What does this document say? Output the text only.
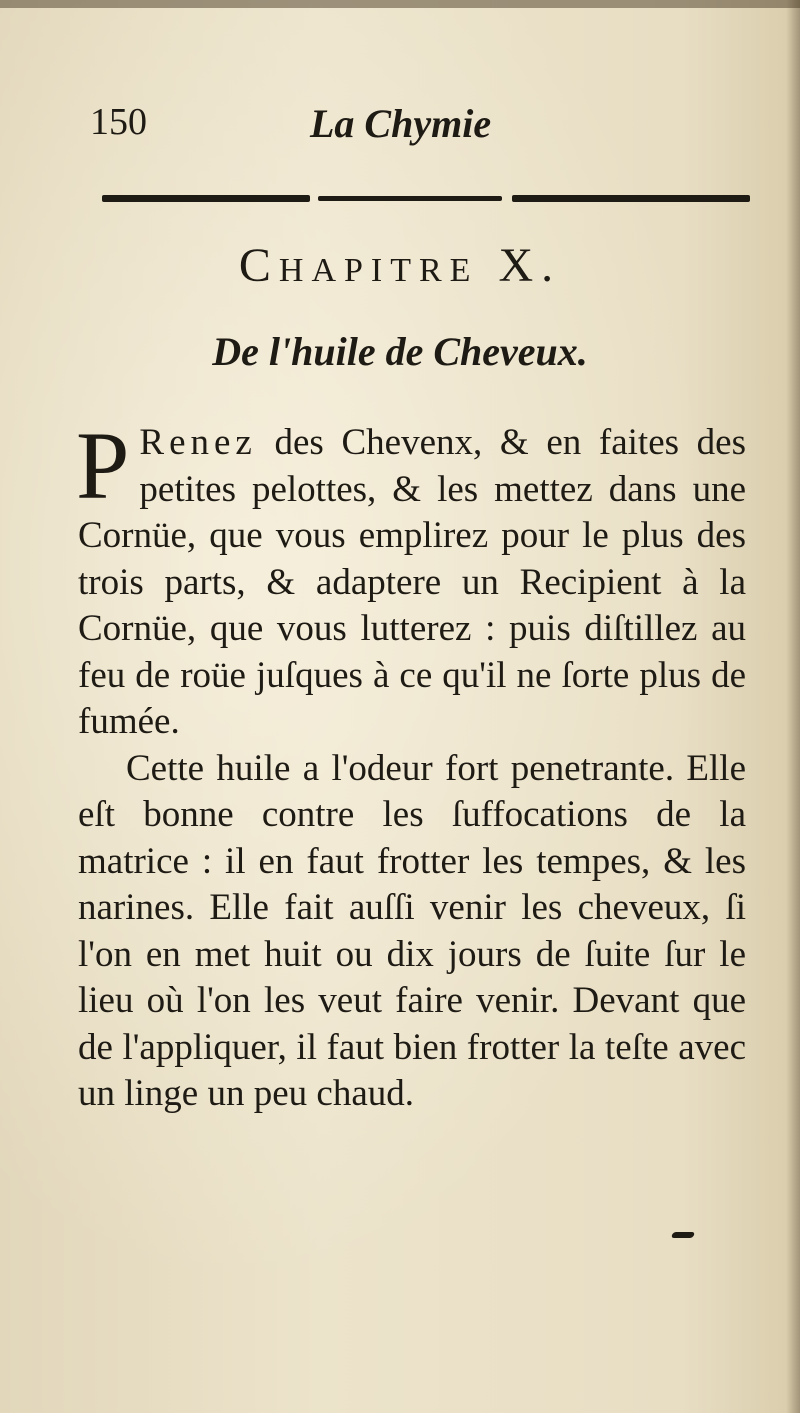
150	La Chymie
Chapitre X.
De l'huile de Cheveux.

P Renez des Chevenx, & en faites des petites pelottes, & les mettez dans une Cornüe, que vous emplirez pour le plus des trois parts, & adaptere un Recipient à la Cornüe, que vous lutterez : puis diſtillez au feu de roüe juſques à ce qu'il ne ſorte plus de fumée.

Cette huile a l'odeur fort penetrante. Elle eſt bonne contre les ſuffocations de la matrice : il en faut frotter les tempes, & les narines. Elle fait auſſi venir les cheveux, ſi l'on en met huit ou dix jours de ſuite ſur le lieu où l'on les veut faire venir. Devant que de l'appliquer, il faut bien frotter la teſte avec un linge un peu chaud.
